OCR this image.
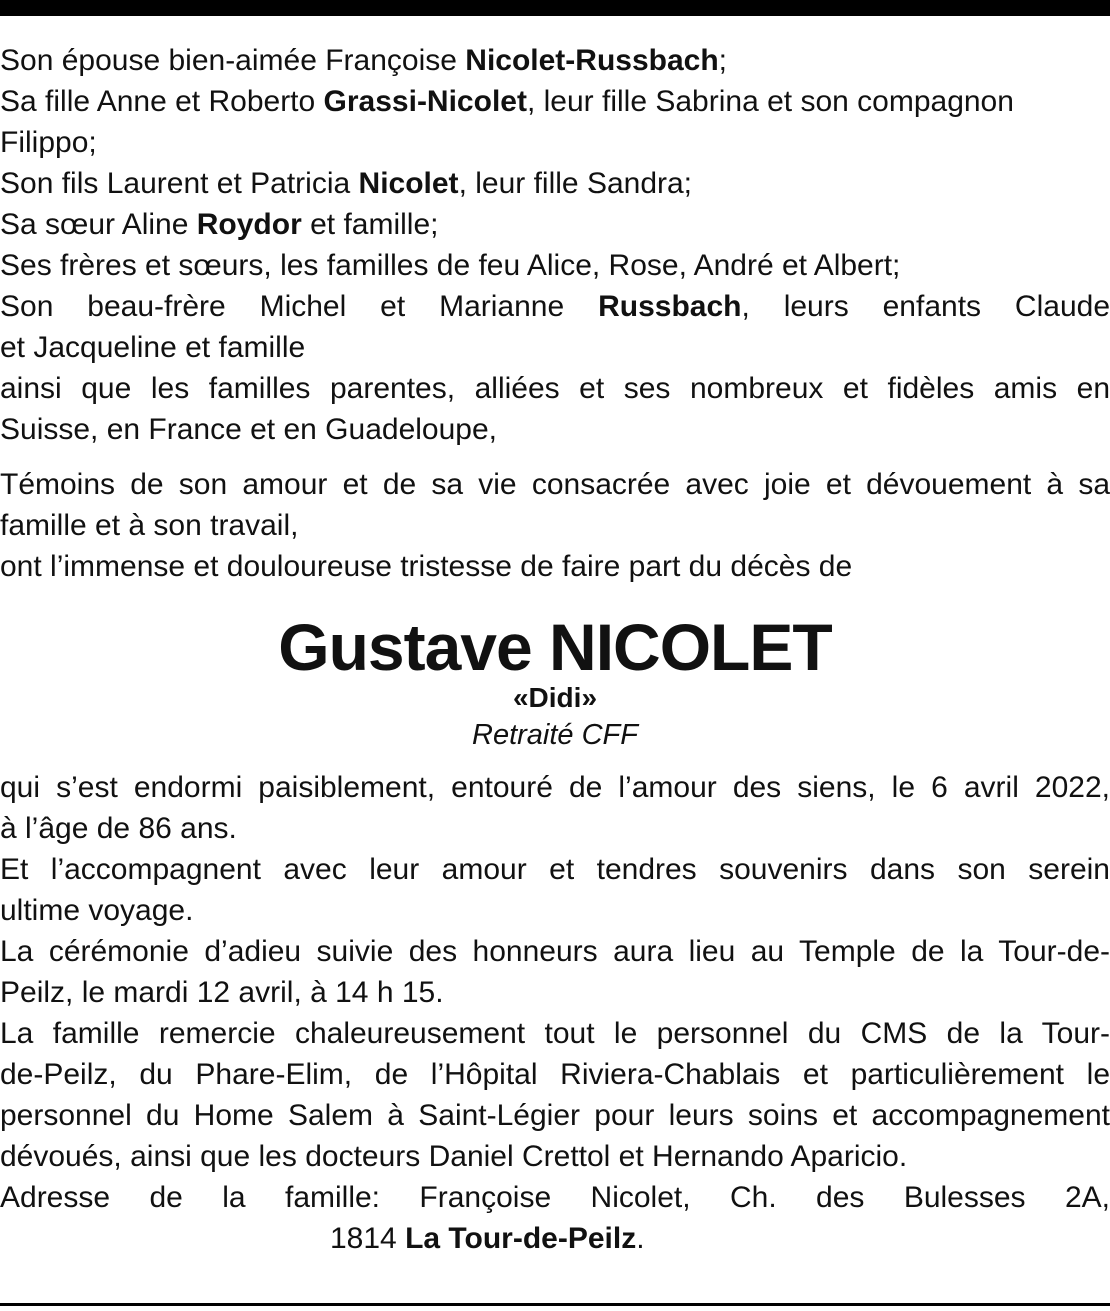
Son épouse bien-aimée Françoise Nicolet-Russbach;
Sa fille Anne et Roberto Grassi-Nicolet, leur fille Sabrina et son compagnon
Filippo;
Son fils Laurent et Patricia Nicolet, leur fille Sandra;
Sa sœur Aline Roydor et famille;
Ses frères et sœurs, les familles de feu Alice, Rose, André et Albert;
Son beau-frère Michel et Marianne Russbach, leurs enfants Claude
et Jacqueline et famille
ainsi que les familles parentes, alliées et ses nombreux et fidèles amis en
Suisse, en France et en Guadeloupe,
Témoins de son amour et de sa vie consacrée avec joie et dévouement à sa
famille et à son travail,
ont l’immense et douloureuse tristesse de faire part du décès de
Gustave NICOLET
«Didi»
Retraité CFF
qui s’est endormi paisiblement, entouré de l’amour des siens, le 6 avril 2022,
à l’âge de 86 ans.
Et l’accompagnent avec leur amour et tendres souvenirs dans son serein
ultime voyage.
La cérémonie d’adieu suivie des honneurs aura lieu au Temple de la Tour-de-
Peilz, le mardi 12 avril, à 14 h 15.
La famille remercie chaleureusement tout le personnel du CMS de la Tour-
de-Peilz, du Phare-Elim, de l’Hôpital Riviera-Chablais et particulièrement le
personnel du Home Salem à Saint-Légier pour leurs soins et accompagnement
dévoués, ainsi que les docteurs Daniel Crettol et Hernando Aparicio.
Adresse de la famille: Françoise Nicolet, Ch. des Bulesses 2A,
1814 La Tour-de-Peilz.
